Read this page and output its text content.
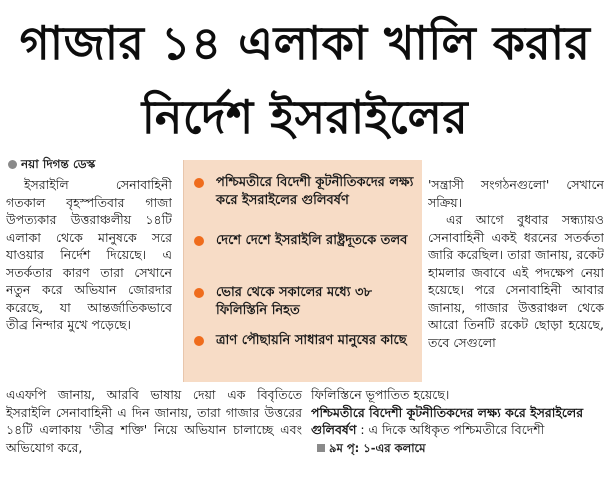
গাজার ১৪ এলাকা খালি করার
নির্দেশ ইসরাইলের
নয়া দিগন্ত ডেস্ক

ইসরাইলি সেনাবাহিনী গতকাল বৃহস্পতিবার গাজা উপত্যকার উত্তরাঞ্চলীয় ১৪টি এলাকা থেকে মানুষকে সরে যাওয়ার নির্দেশ দিয়েছে। এ সতর্কতার কারণ তারা সেখানে নতুন করে অভিযান জোরদার করেছে, যা আন্তর্জাতিকভাবে তীব্র নিন্দার মুখে পড়েছে।

পশ্চিমতীরে বিদেশী কূটনীতিকদের লক্ষ্য করে ইসরাইলের গুলিবর্ষণ
দেশে দেশে ইসরাইলি রাষ্ট্রদূতকে তলব
ভোর থেকে সকালের মধ্যে ৩৮ ফিলিস্তিনি নিহত
ত্রাণ পৌছায়নি সাধারণ মানুষের কাছে

'সন্ত্রাসী সংগঠনগুলো' সেখানে সক্রিয়।

এর আগে বুধবার সন্ধ্যায়ও সেনাবাহিনী একই ধরনের সতর্কতা জারি করেছিল। তারা জানায়, রকেট হামলার জবাবে এই পদক্ষেপ নেয়া হয়েছে। পরে সেনাবাহিনী আবার জানায়, গাজার উত্তরাঞ্চল থেকে আরো তিনটি রকেট ছোড়া হয়েছে, তবে সেগুলো

এএফপি জানায়, আরবি ভাষায় দেয়া এক বিবৃতিতে ইসরাইলি সেনাবাহিনী এ দিন জানায়, তারা গাজার উত্তরের ১৪টি এলাকায় 'তীব্র শক্তি' নিয়ে অভিযান চালাচ্ছে এবং অভিযোগ করে,
ফিলিস্তিনে ভূপাতিত হয়েছে।
পশ্চিমতীরে বিদেশী কূটনীতিকদের লক্ষ্য করে ইসরাইলের গুলিবর্ষণ : এ দিকে অধিকৃত পশ্চিমতীরে বিদেশী ৯ম পৃ: ১-এর কলামে
